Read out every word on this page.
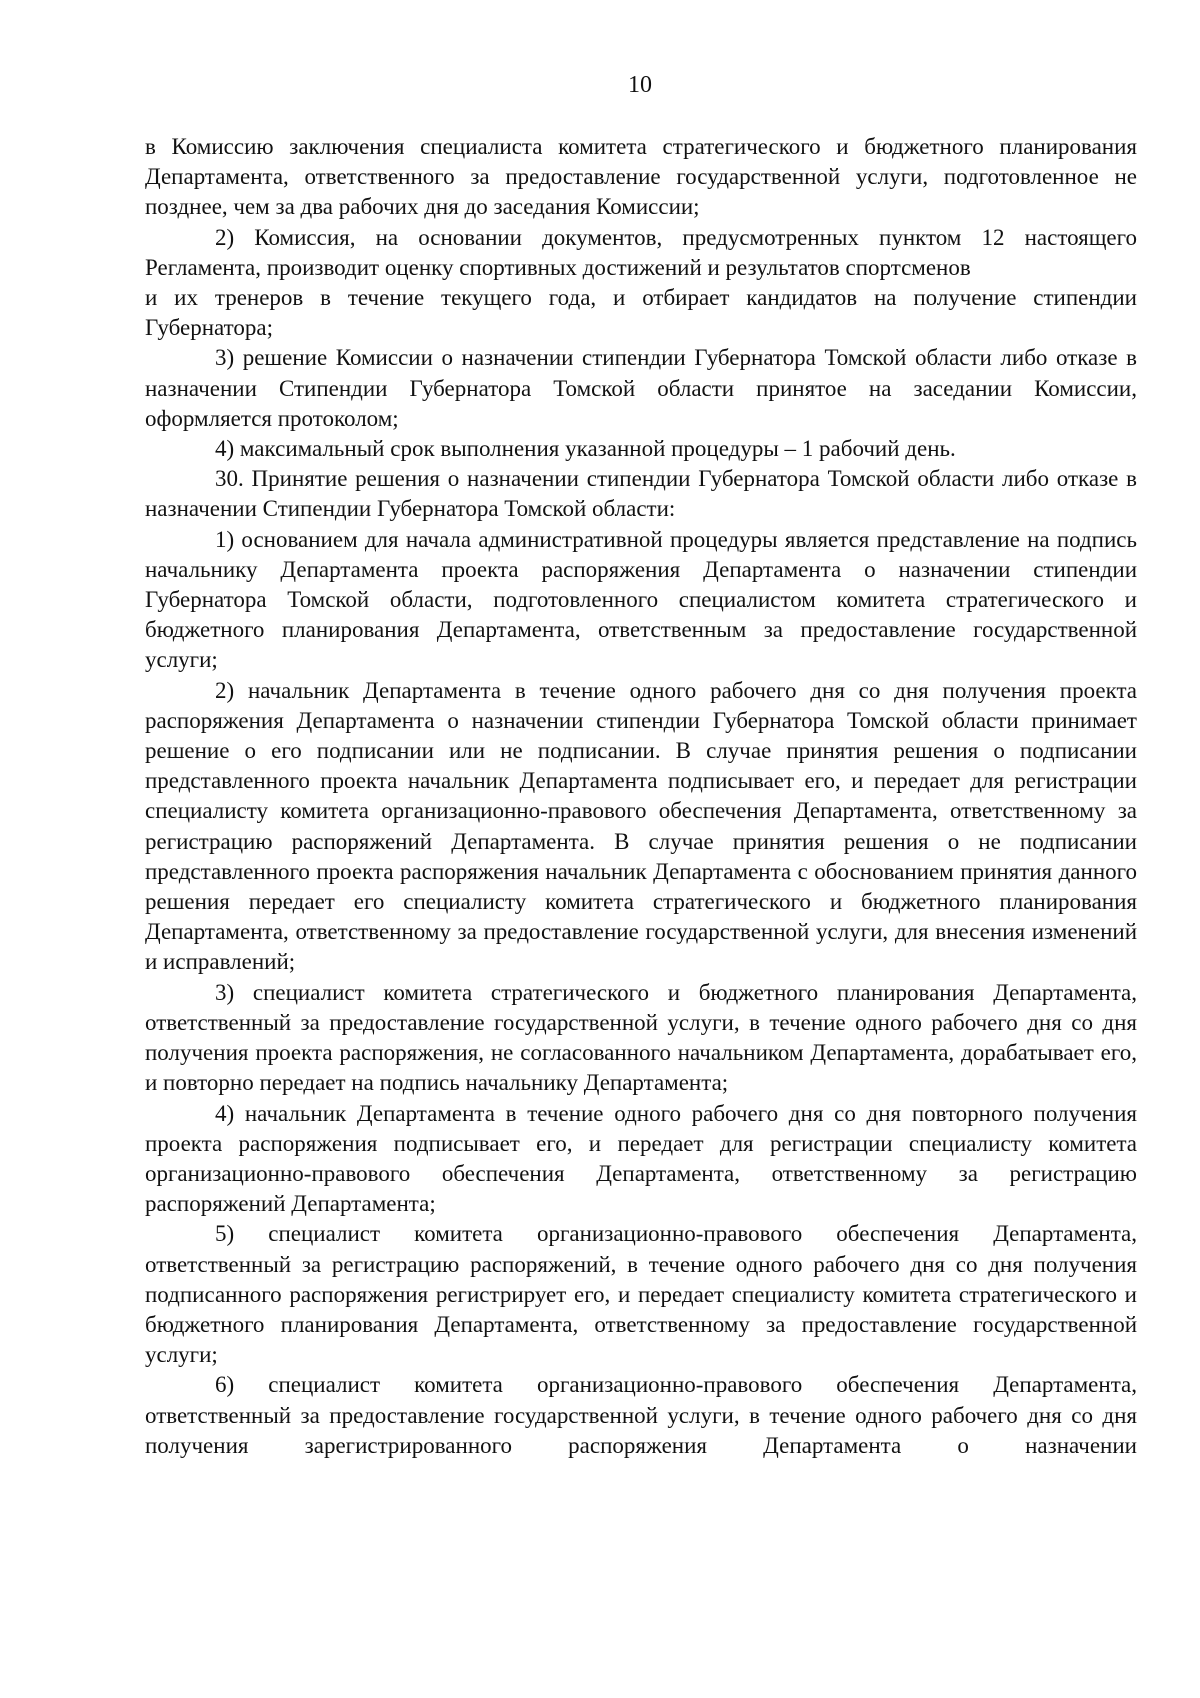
10

в Комиссию заключения специалиста комитета стратегического и бюджетного планирования Департамента, ответственного за предоставление государственной услуги, подготовленное не позднее, чем за два рабочих дня до заседания Комиссии;

2) Комиссия, на основании документов, предусмотренных пунктом 12 настоящего Регламента, производит оценку спортивных достижений и результатов спортсменов

и их тренеров в течение текущего года, и отбирает кандидатов на получение стипендии Губернатора;

3) решение Комиссии о назначении стипендии Губернатора Томской области либо отказе в назначении Стипендии Губернатора Томской области принятое на заседании Комиссии, оформляется протоколом;

4) максимальный срок выполнения указанной процедуры – 1 рабочий день.

30. Принятие решения о назначении стипендии Губернатора Томской области либо отказе в назначении Стипендии Губернатора Томской области:

1) основанием для начала административной процедуры является представление на подпись начальнику Департамента проекта распоряжения Департамента о назначении стипендии Губернатора Томской области, подготовленного специалистом комитета стратегического и бюджетного планирования Департамента, ответственным за предоставление государственной услуги;

2) начальник Департамента в течение одного рабочего дня со дня получения проекта распоряжения Департамента о назначении стипендии Губернатора Томской области принимает решение о его подписании или не подписании. В случае принятия решения о подписании представленного проекта начальник Департамента подписывает его, и передает для регистрации специалисту комитета организационно-правового обеспечения Департамента, ответственному за регистрацию распоряжений Департамента. В случае принятия решения о не подписании представленного проекта распоряжения начальник Департамента с обоснованием принятия данного решения передает его специалисту комитета стратегического и бюджетного планирования Департамента, ответственному за предоставление государственной услуги, для внесения изменений и исправлений;

3) специалист комитета стратегического и бюджетного планирования Департамента, ответственный за предоставление государственной услуги, в течение одного рабочего дня со дня получения проекта распоряжения, не согласованного начальником Департамента, дорабатывает его, и повторно передает на подпись начальнику Департамента;

4) начальник Департамента в течение одного рабочего дня со дня повторного получения проекта распоряжения подписывает его, и передает для регистрации специалисту комитета организационно-правового обеспечения Департамента, ответственному за регистрацию распоряжений Департамента;

5) специалист комитета организационно-правового обеспечения Департамента, ответственный за регистрацию распоряжений, в течение одного рабочего дня со дня получения подписанного распоряжения регистрирует его, и передает специалисту комитета стратегического и бюджетного планирования Департамента, ответственному за предоставление государственной услуги;

6) специалист комитета организационно-правового обеспечения Департамента, ответственный за предоставление государственной услуги, в течение одного рабочего дня со дня получения зарегистрированного распоряжения Департамента о назначении
